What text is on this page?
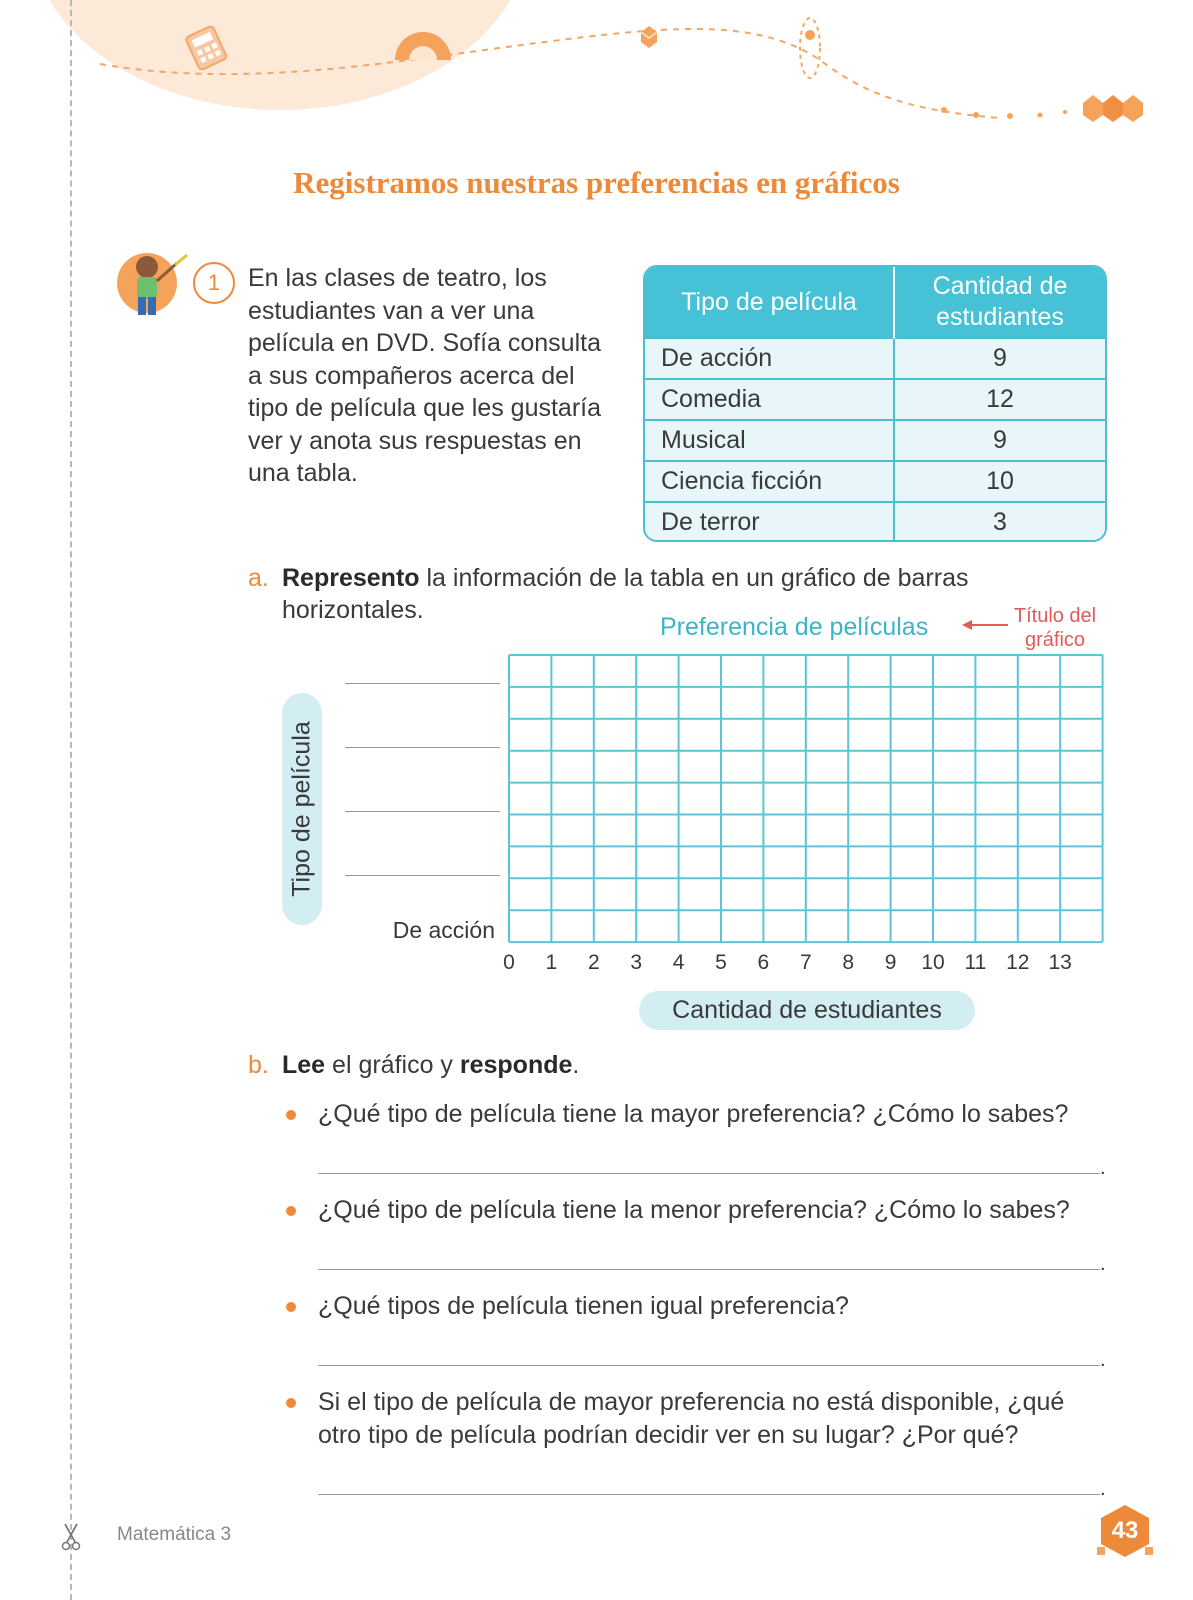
Registramos nuestras preferencias en gráficos
1	En las clases de teatro, los estudiantes van a ver una película en DVD. Sofía consulta a sus compañeros acerca del tipo de película que les gustaría ver y anota sus respuestas en una tabla.
Tipo de película	Cantidad de estudiantes
De acción	9
Comedia	12
Musical	9
Ciencia ficción	10
De terror	3
a. Represento la información de la tabla en un gráfico de barras horizontales.
Preferencia de películas	Título del gráfico
Tipo de película
De acción
0	1	2	3	4	5	6	7	8	9	10 11 12 13
Cantidad de estudiantes
b. Lee el gráfico y responde.
¿Qué tipo de película tiene la mayor preferencia? ¿Cómo lo sabes?
.
¿Qué tipo de película tiene la menor preferencia? ¿Cómo lo sabes?
.
¿Qué tipos de película tienen igual preferencia?
.
Si el tipo de película de mayor preferencia no está disponible, ¿qué otro tipo de película podrían decidir ver en su lugar? ¿Por qué?
.
Matemática 3	43
